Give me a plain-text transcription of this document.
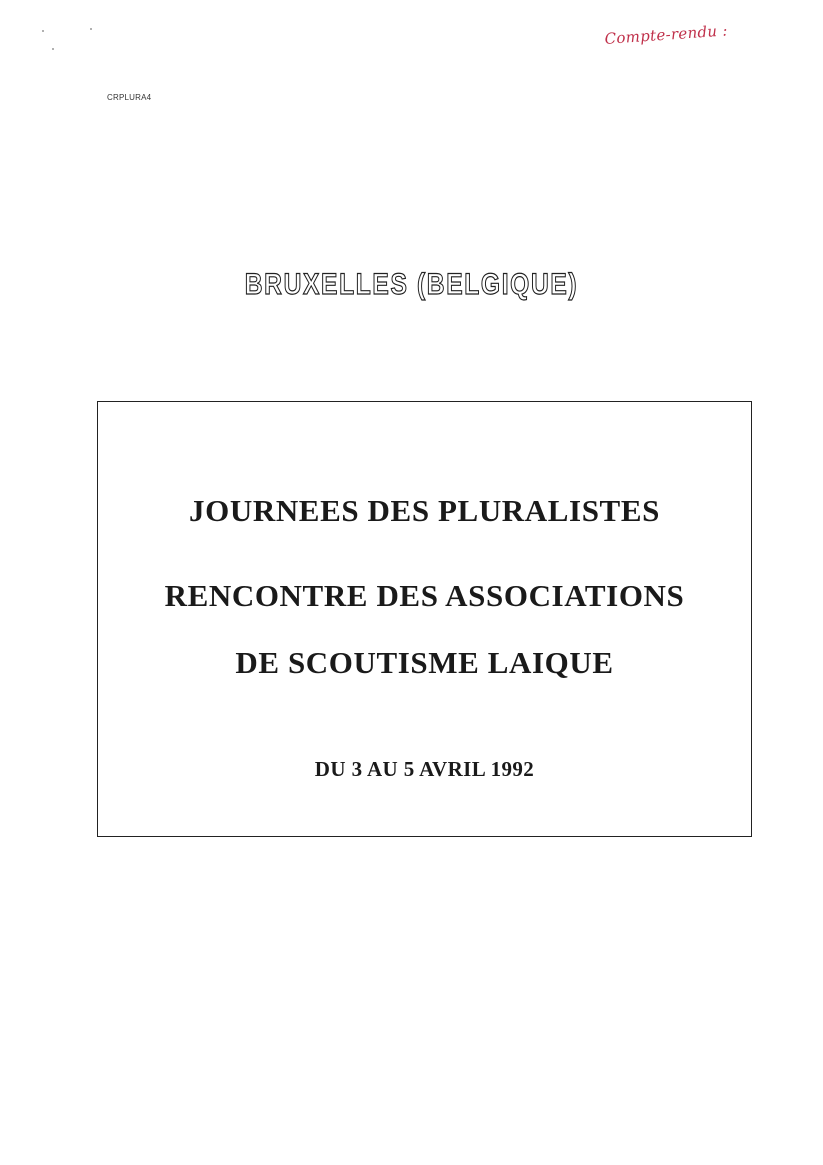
CRPLURA4
Compte-rendu :
BRUXELLES (BELGIQUE)
JOURNEES DES PLURALISTES
RENCONTRE DES ASSOCIATIONS
DE SCOUTISME LAIQUE
DU 3 AU 5 AVRIL 1992
